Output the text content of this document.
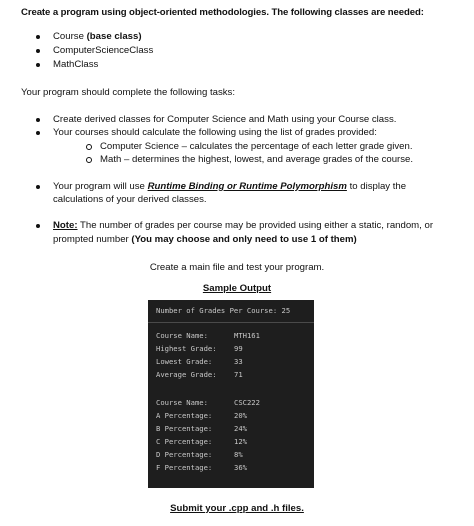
Create a program using object-oriented methodologies. The following classes are needed:
Course (base class)
ComputerScienceClass
MathClass
Your program should complete the following tasks:
Create derived classes for Computer Science and Math using your Course class.
Your courses should calculate the following using the list of grades provided:
Computer Science – calculates the percentage of each letter grade given.
Math – determines the highest, lowest, and average grades of the course.
Your program will use Runtime Binding or Runtime Polymorphism to display the calculations of your derived classes.
Note: The number of grades per course may be provided using either a static, random, or prompted number (You may choose and only need to use 1 of them)
Create a main file and test your program.
Sample Output
Number of Grades Per Course: 25
Course Name:	MTH161
Highest Grade: 99
Lowest Grade:	33
Average Grade: 71
Course Name:	CSC222
A Percentage:	20%
B Percentage:	24%
C Percentage:	12%
D Percentage:	8%
F Percentage:	36%
Submit your .cpp and .h files.
